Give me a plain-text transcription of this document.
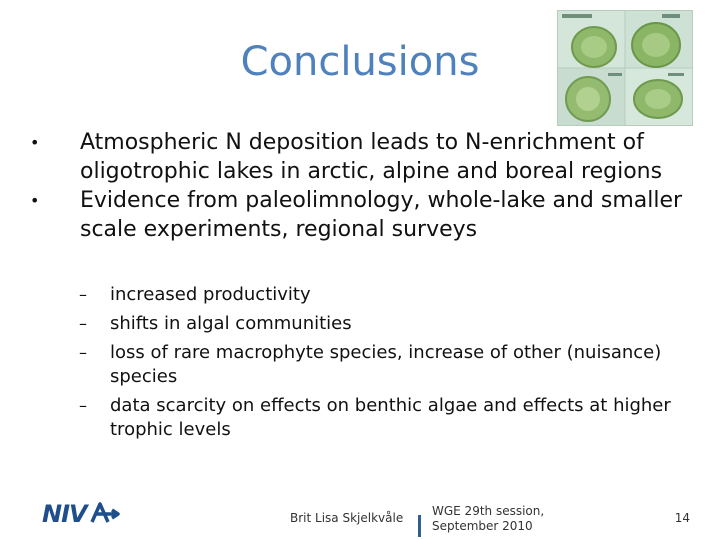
Conclusions
• Atmospheric N deposition leads to N-enrichment of oligotrophic lakes in arctic, alpine and boreal regions
• Evidence from paleolimnology, whole-lake and smaller scale experiments, regional surveys
– increased productivity
– shifts in algal communities
– loss of rare macrophyte species, increase of other (nuisance) species
– data scarcity on effects on benthic algae and effects at higher trophic levels
NIV	Brit Lisa Skjelkvåle WGE 29th session, September 2010
14
